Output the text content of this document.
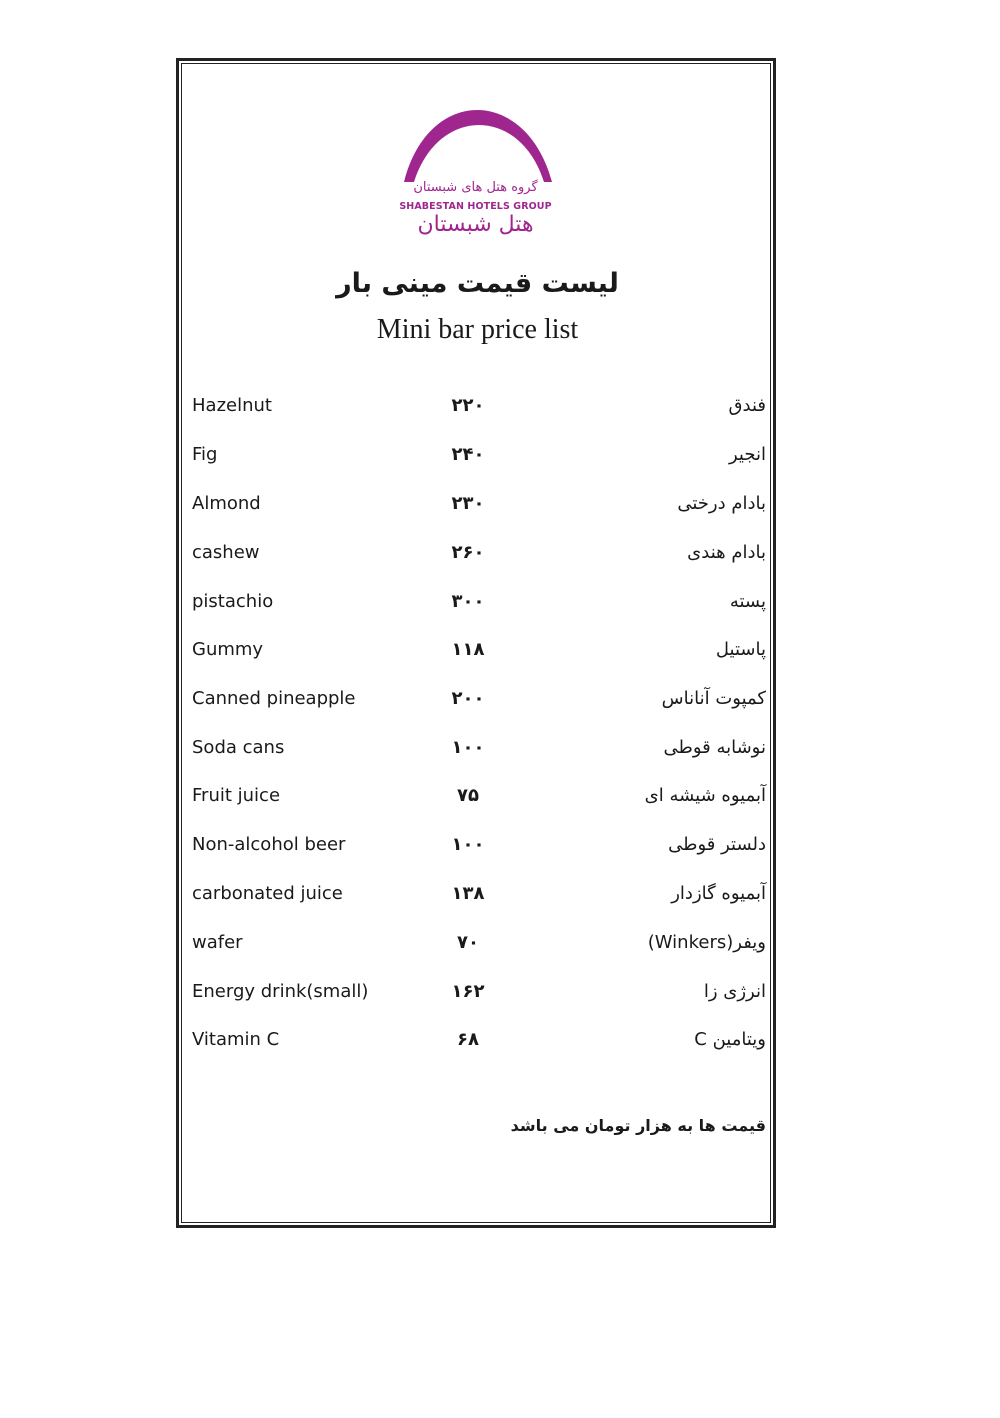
گروه هتل های شبستان
SHABESTAN HOTELS GROUP
هتل شبستان
لیست قیمت مینی بار
Mini bar price list
Hazelnut	۲۲۰	فندق
Fig	۲۴۰	انجیر
Almond	۲۳۰	بادام درختی
cashew	۲۶۰	بادام هندی
pistachio	۳۰۰	پسته
Gummy	۱۱۸	پاستیل
Canned pineapple	۲۰۰	کمپوت آناناس
Soda cans	۱۰۰	نوشابه قوطی
Fruit juice	۷۵	آبمیوه شیشه ای
Non-alcohol beer	۱۰۰	دلستر قوطی
carbonated juice	۱۳۸	آبمیوه گازدار
wafer	۷۰	ویفر(Winkers)
Energy drink(small)	۱۶۲	انرژی زا
Vitamin C	۶۸	ویتامین C
قیمت ها به هزار تومان می باشد
